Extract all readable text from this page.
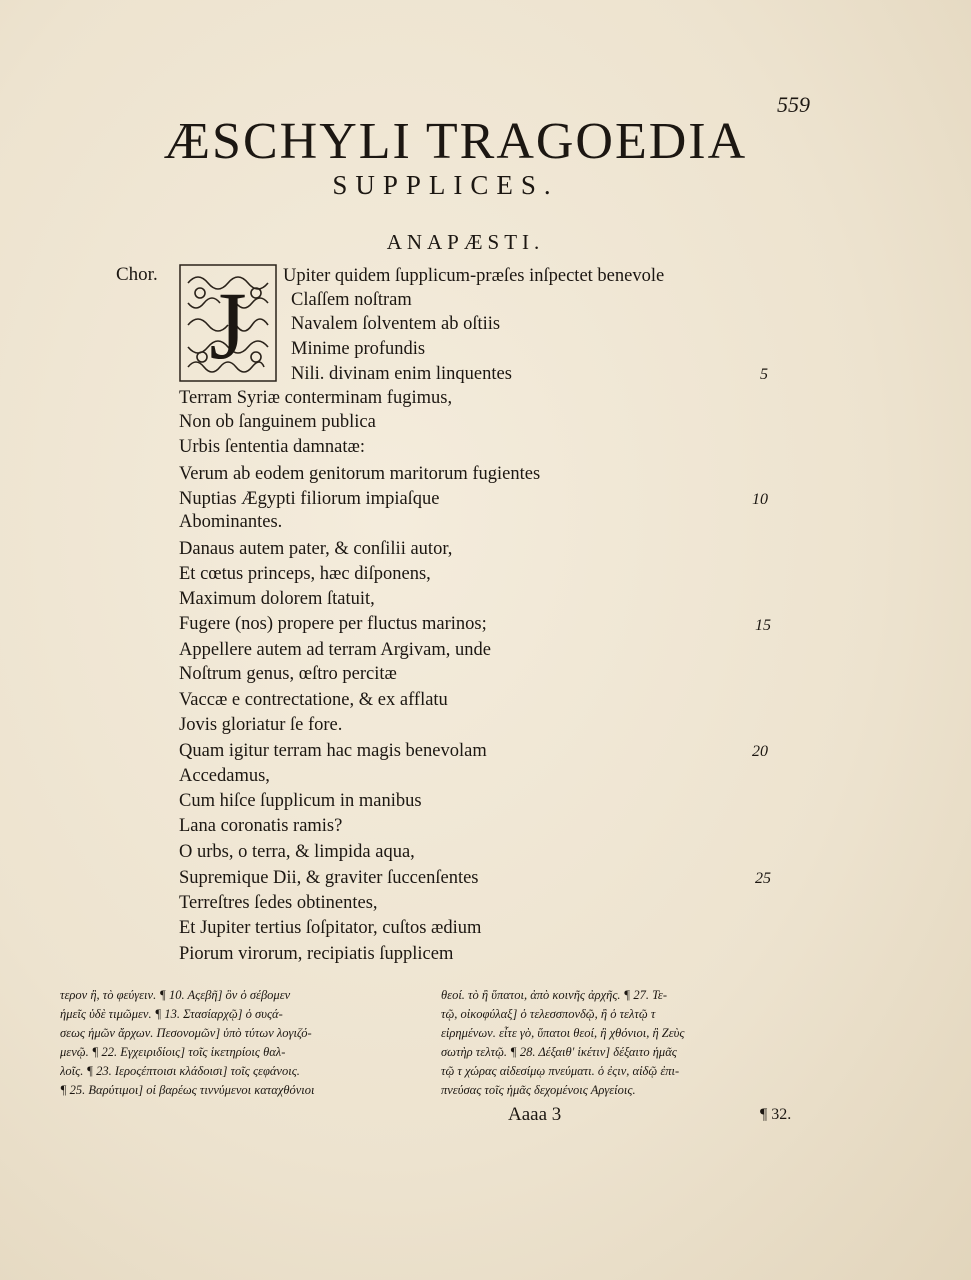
559
ÆSCHYLI TRAGOEDIA
SUPPLICES.
ANAPÆSTI.
Chor. J Upiter quidem ſupplicum-præſes inſpectet benevole
Claſſem noſtram
Navalem ſolventem ab oſtiis
Minime profundis
Nili. divinam enim linquentes
Terram Syriæ conterminam fugimus,
Non ob ſanguinem publica
Urbis ſententia damnatæ:
Verum ab eodem genitorum maritorum fugientes
Nuptias Ægypti filiorum impiaſque
Abominantes.
Danaus autem pater, & conſilii autor,
Et cœtus princeps, hæc diſponens,
Maximum dolorem ſtatuit,
Fugere (nos) propere per fluctus marinos;
Appellere autem ad terram Argivam, unde
Noſtrum genus, œſtro percitæ
Vaccæ e contrectatione, & ex afflatu
Jovis gloriatur ſe fore.
Quam igitur terram hac magis benevolam
Accedamus,
Cum hiſce ſupplicum in manibus
Lana coronatis ramis?
O urbs, o terra, & limpida aqua,
Supremique Dii, & graviter ſuccenſentes
Terreſtres ſedes obtinentes,
Et Jupiter tertius ſoſpitator, cuſtos ædium
Piorum virorum, recipiatis ſupplicem
5
10
15
20
25

τερον ἢ, τὸ φεύγειν. ¶ 10. Αςεβῆ] ὃν ὁ σέβομεν

ἡμεῖς ὑδὲ τιμῶμεν. ¶ 13. Στασίαρχῷ] ὁ συςά-

σεως ἡμῶν ἄρχων. Πεσονομῶν] ὑπὸ τύτων λογιζό-

μενῷ. ¶ 22. Εγχειριδίοις] τοῖς ἱκετηρίοις θαλ-

λοῖς. ¶ 23. Ιεροςέπτοισι κλάδοισι] τοῖς ςεφάνοις.

¶ 25. Βαρύτιμοι] οἱ βαρέως τιννύμενοι καταχθόνιοι

θεοί. τὸ ἢ ὕπατοι, ἀπὸ κοινῆς ἀρχῆς. ¶ 27. Τε-

τῷ, οἰκοφύλαξ] ὁ τελεσσπονδῷ, ἢ ὁ τελτῷ τ

εἰρημένων. εἶτε γὸ, ὕπατοι θεοί, ἢ χθόνιοι, ἢ Ζεὺς

σωτὴρ τελτῷ. ¶ 28. Δέξαιθ' ἱκέτιν] δέξαιτο ἡμᾶς

τῷ τ χώρας αἰδεσίμῳ πνεύματι. ὁ ἐςιν, αἰδῷ ἐπι-

πνεύσας τοῖς ἡμᾶς δεχομένοις Αργείοις.

Aaaa 3	¶ 32.
